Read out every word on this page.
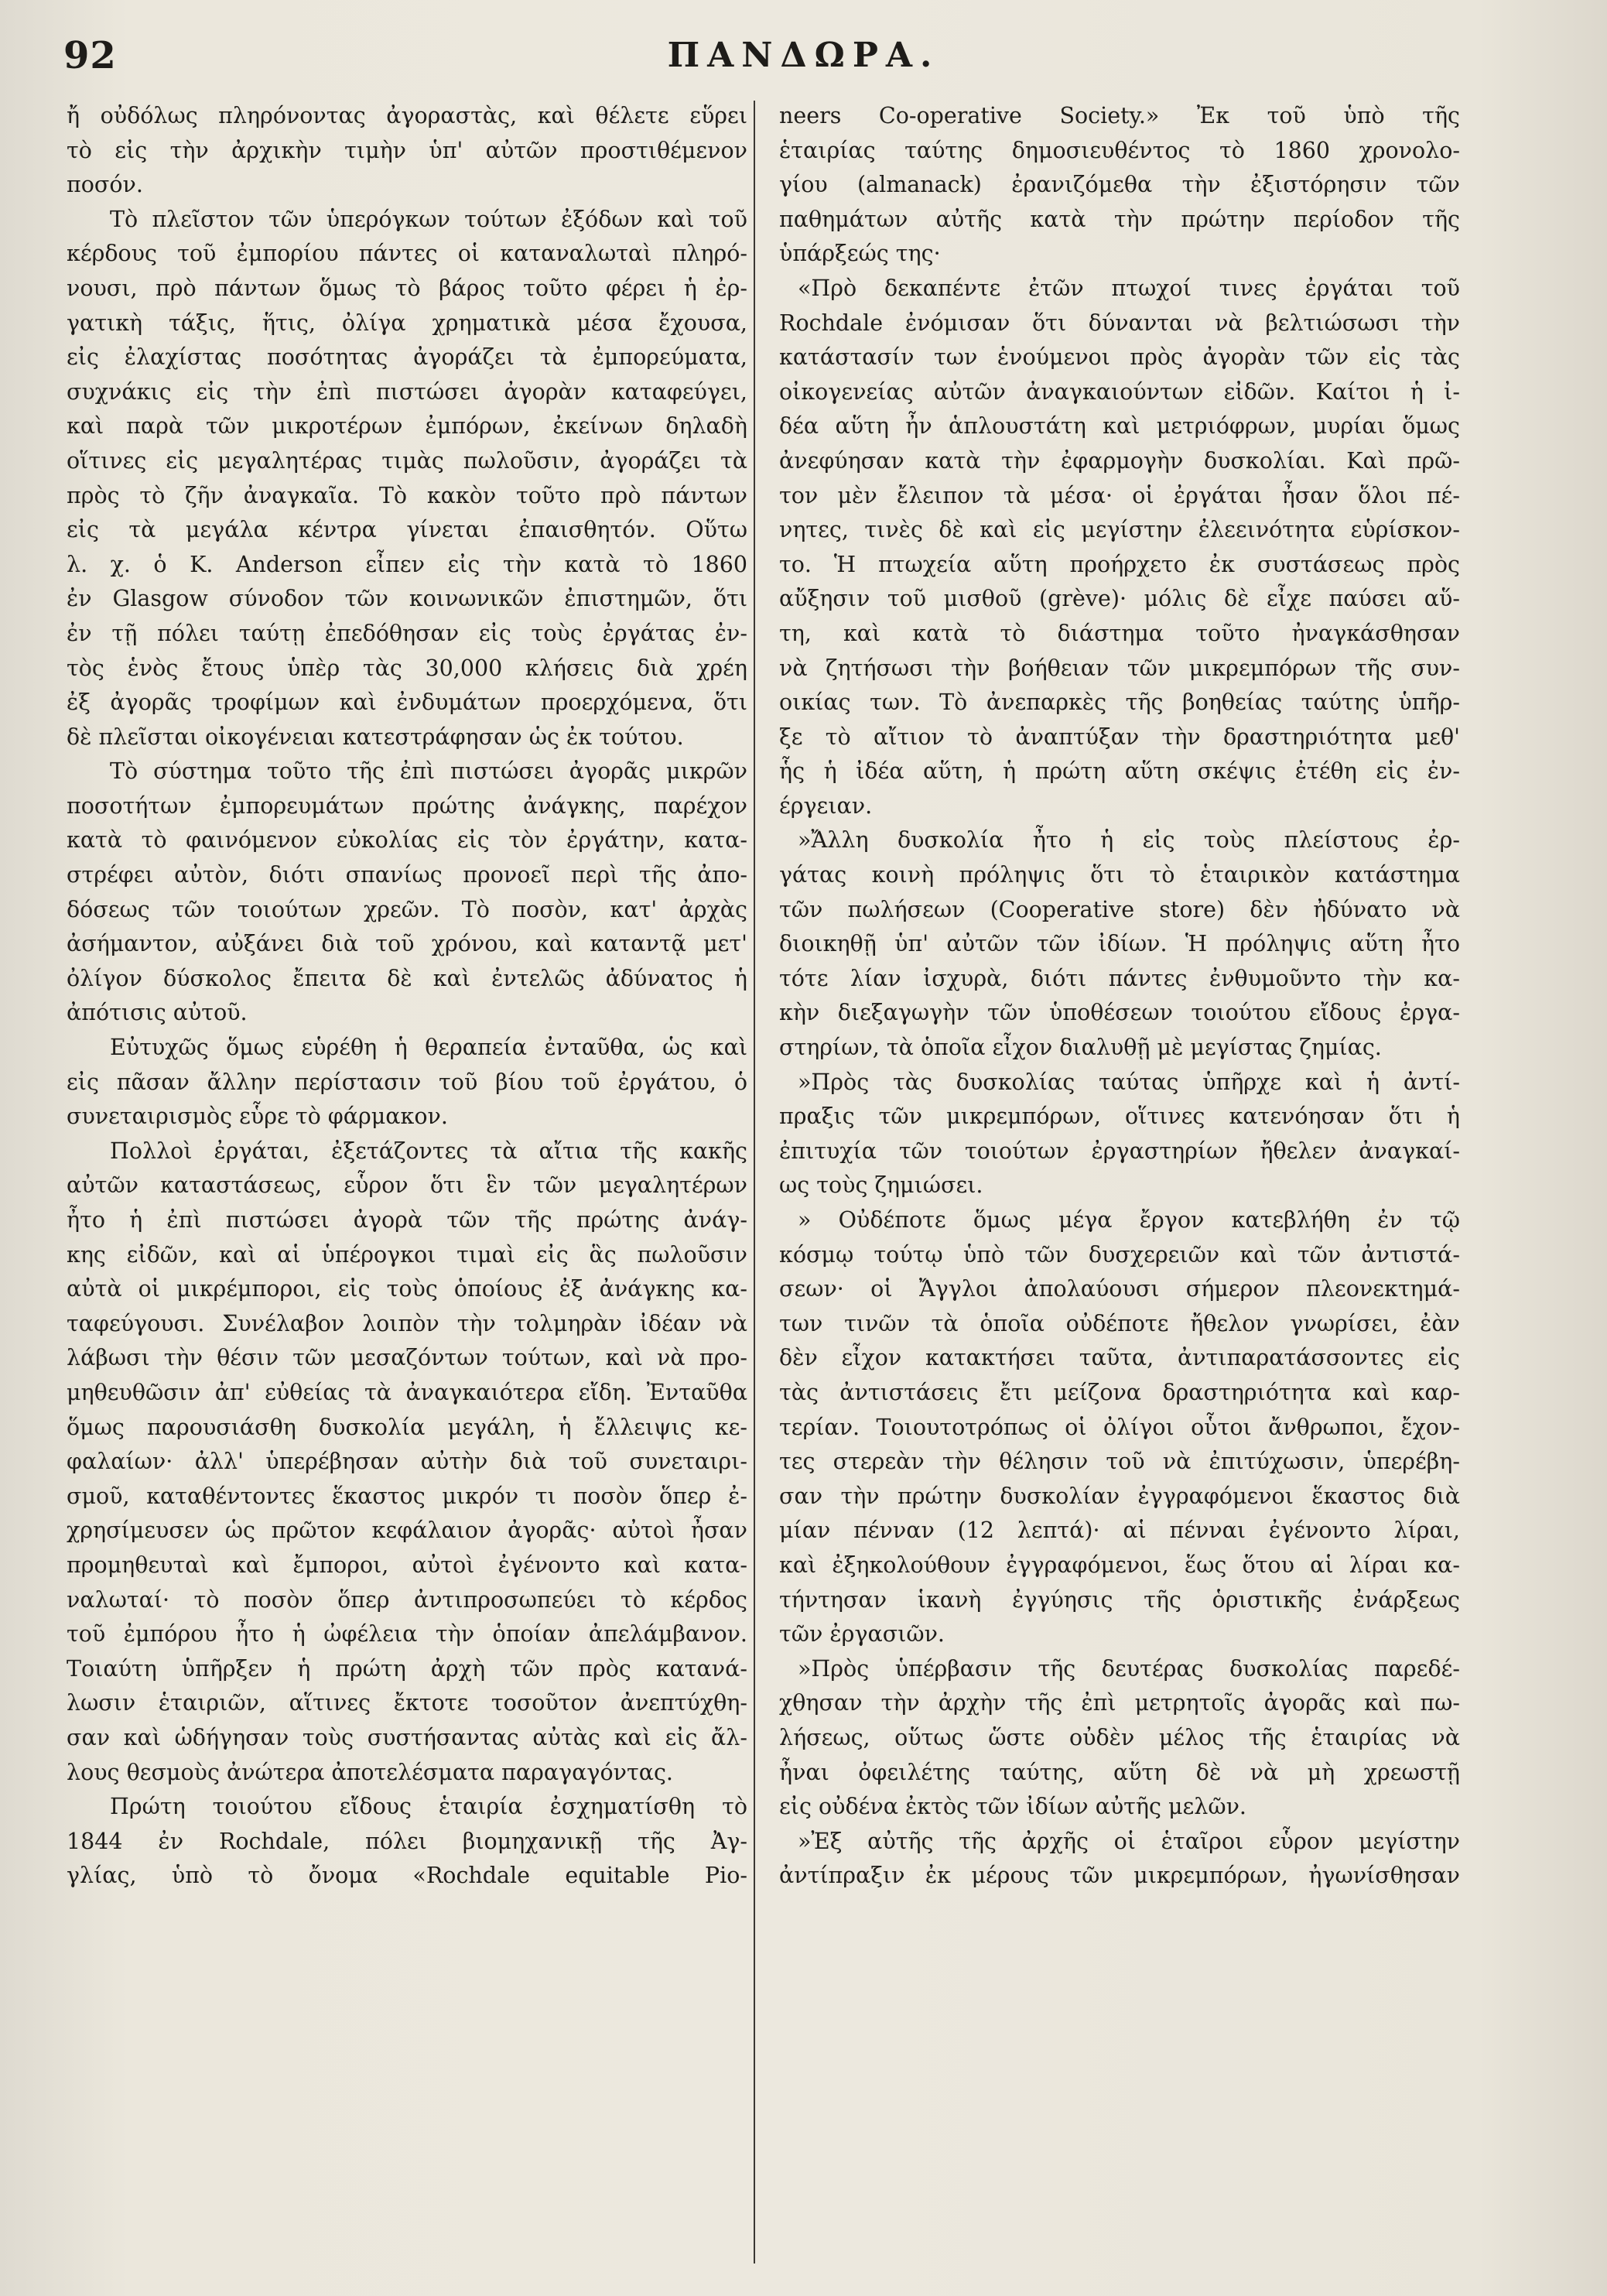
92	ΠΑΝΔΩΡΑ.
ἤ οὐδόλως πληρόνοντας ἀγοραστὰς, καὶ θέλετε εὕρει
τὸ εἰς τὴν ἀρχικὴν τιμὴν ὑπ' αὐτῶν προστιθέμενον
ποσόν.
Τὸ πλεῖστον τῶν ὑπερόγκων τούτων ἐξόδων καὶ τοῦ
κέρδους τοῦ ἐμπορίου πάντες οἱ καταναλωταὶ πληρό-
νουσι, πρὸ πάντων ὅμως τὸ βάρος τοῦτο φέρει ἡ ἐρ-
γατικὴ τάξις, ἥτις, ὀλίγα χρηματικὰ μέσα ἔχουσα,
εἰς ἐλαχίστας ποσότητας ἀγοράζει τὰ ἐμπορεύματα,
συχνάκις εἰς τὴν ἐπὶ πιστώσει ἀγορὰν καταφεύγει,
καὶ παρὰ τῶν μικροτέρων ἐμπόρων, ἐκείνων δηλαδὴ
οἵτινες εἰς μεγαλητέρας τιμὰς πωλοῦσιν, ἀγοράζει τὰ
πρὸς τὸ ζῆν ἀναγκαῖα. Τὸ κακὸν τοῦτο πρὸ πάντων
εἰς τὰ μεγάλα κέντρα γίνεται ἐπαισθητόν. Οὕτω
λ. χ. ὁ Κ. Anderson εἶπεν εἰς τὴν κατὰ τὸ 1860
ἐν Glasgow σύνοδον τῶν κοινωνικῶν ἐπιστημῶν, ὅτι
ἐν τῇ πόλει ταύτῃ ἐπεδόθησαν εἰς τοὺς ἐργάτας ἐν-
τὸς ἑνὸς ἔτους ὑπὲρ τὰς 30,000 κλήσεις διὰ χρέη
ἐξ ἀγορᾶς τροφίμων καὶ ἐνδυμάτων προερχόμενα, ὅτι
δὲ πλεῖσται οἰκογένειαι κατεστράφησαν ὡς ἐκ τούτου.
Τὸ σύστημα τοῦτο τῆς ἐπὶ πιστώσει ἀγορᾶς μικρῶν
ποσοτήτων ἐμπορευμάτων πρώτης ἀνάγκης, παρέχον
κατὰ τὸ φαινόμενον εὐκολίας εἰς τὸν ἐργάτην, κατα-
στρέφει αὐτὸν, διότι σπανίως προνοεῖ περὶ τῆς ἀπο-
δόσεως τῶν τοιούτων χρεῶν. Τὸ ποσὸν, κατ' ἀρχὰς
ἀσήμαντον, αὐξάνει διὰ τοῦ χρόνου, καὶ καταντᾷ μετ'
ὀλίγον δύσκολος ἔπειτα δὲ καὶ ἐντελῶς ἀδύνατος ἡ
ἀπότισις αὐτοῦ.
Εὐτυχῶς ὅμως εὑρέθη ἡ θεραπεία ἐνταῦθα, ὡς καὶ
εἰς πᾶσαν ἄλλην περίστασιν τοῦ βίου τοῦ ἐργάτου, ὁ
συνεταιρισμὸς εὗρε τὸ φάρμακον.
Πολλοὶ ἐργάται, ἐξετάζοντες τὰ αἴτια τῆς κακῆς
αὐτῶν καταστάσεως, εὗρον ὅτι ἓν τῶν μεγαλητέρων
ἦτο ἡ ἐπὶ πιστώσει ἀγορὰ τῶν τῆς πρώτης ἀνάγ-
κης εἰδῶν, καὶ αἱ ὑπέρογκοι τιμαὶ εἰς ἃς πωλοῦσιν
αὐτὰ οἱ μικρέμποροι, εἰς τοὺς ὁποίους ἐξ ἀνάγκης κα-
ταφεύγουσι. Συνέλαβον λοιπὸν τὴν τολμηρὰν ἰδέαν νὰ
λάβωσι τὴν θέσιν τῶν μεσαζόντων τούτων, καὶ νὰ προ-
μηθευθῶσιν ἀπ' εὐθείας τὰ ἀναγκαιότερα εἴδη. Ἐνταῦθα
ὅμως παρουσιάσθη δυσκολία μεγάλη, ἡ ἔλλειψις κε-
φαλαίων· ἀλλ' ὑπερέβησαν αὐτὴν διὰ τοῦ συνεταιρι-
σμοῦ, καταθέντοντες ἕκαστος μικρόν τι ποσὸν ὅπερ ἐ-
χρησίμευσεν ὡς πρῶτον κεφάλαιον ἀγορᾶς· αὐτοὶ ἦσαν
προμηθευταὶ καὶ ἔμποροι, αὐτοὶ ἐγένοντο καὶ κατα-
ναλωταί· τὸ ποσὸν ὅπερ ἀντιπροσωπεύει τὸ κέρδος
τοῦ ἐμπόρου ἦτο ἡ ὠφέλεια τὴν ὁποίαν ἀπελάμβανον.
Τοιαύτη ὑπῆρξεν ἡ πρώτη ἀρχὴ τῶν πρὸς κατανά-
λωσιν ἑταιριῶν, αἵτινες ἔκτοτε τοσοῦτον ἀνεπτύχθη-
σαν καὶ ὡδήγησαν τοὺς συστήσαντας αὐτὰς καὶ εἰς ἄλ-
λους θεσμοὺς ἀνώτερα ἀποτελέσματα παραγαγόντας.
Πρώτη τοιούτου εἴδους ἑταιρία ἐσχηματίσθη τὸ
1844 ἐν Rochdale, πόλει βιομηχανικῇ τῆς Ἀγ-
γλίας, ὑπὸ τὸ ὄνομα «Rochdale equitable Pio-
neers Co-operative Society.» Ἐκ τοῦ ὑπὸ τῆς
ἑταιρίας ταύτης δημοσιευθέντος τὸ 1860 χρονολο-
γίου (almanack) ἐρανιζόμεθα τὴν ἐξιστόρησιν τῶν
παθημάτων αὐτῆς κατὰ τὴν πρώτην περίοδον τῆς
ὑπάρξεώς της·
«Πρὸ δεκαπέντε ἐτῶν πτωχοί τινες ἐργάται τοῦ
Rochdale ἐνόμισαν ὅτι δύνανται νὰ βελτιώσωσι τὴν
κατάστασίν των ἑνούμενοι πρὸς ἀγορὰν τῶν εἰς τὰς
οἰκογενείας αὐτῶν ἀναγκαιούντων εἰδῶν. Καίτοι ἡ ἰ-
δέα αὕτη ἦν ἁπλουστάτη καὶ μετριόφρων, μυρίαι ὅμως
ἀνεφύησαν κατὰ τὴν ἐφαρμογὴν δυσκολίαι. Καὶ πρῶ-
τον μὲν ἔλειπον τὰ μέσα· οἱ ἐργάται ἦσαν ὅλοι πέ-
νητες, τινὲς δὲ καὶ εἰς μεγίστην ἐλεεινότητα εὑρίσκον-
το. Ἡ πτωχεία αὕτη προήρχετο ἐκ συστάσεως πρὸς
αὔξησιν τοῦ μισθοῦ (grève)· μόλις δὲ εἶχε παύσει αὕ-
τη, καὶ κατὰ τὸ διάστημα τοῦτο ἠναγκάσθησαν
νὰ ζητήσωσι τὴν βοήθειαν τῶν μικρεμπόρων τῆς συν-
οικίας των. Τὸ ἀνεπαρκὲς τῆς βοηθείας ταύτης ὑπῆρ-
ξε τὸ αἴτιον τὸ ἀναπτύξαν τὴν δραστηριότητα μεθ'
ἧς ἡ ἰδέα αὕτη, ἡ πρώτη αὕτη σκέψις ἐτέθη εἰς ἐν-
έργειαν.
»Ἄλλη δυσκολία ἦτο ἡ εἰς τοὺς πλείστους ἐρ-
γάτας κοινὴ πρόληψις ὅτι τὸ ἑταιρικὸν κατάστημα
τῶν πωλήσεων (Cooperative store) δὲν ἠδύνατο νὰ
διοικηθῇ ὑπ' αὐτῶν τῶν ἰδίων. Ἡ πρόληψις αὕτη ἦτο
τότε λίαν ἰσχυρὰ, διότι πάντες ἐνθυμοῦντο τὴν κα-
κὴν διεξαγωγὴν τῶν ὑποθέσεων τοιούτου εἴδους ἐργα-
στηρίων, τὰ ὁποῖα εἶχον διαλυθῇ μὲ μεγίστας ζημίας.
»Πρὸς τὰς δυσκολίας ταύτας ὑπῆρχε καὶ ἡ ἀντί-
πραξις τῶν μικρεμπόρων, οἵτινες κατενόησαν ὅτι ἡ
ἐπιτυχία τῶν τοιούτων ἐργαστηρίων ἤθελεν ἀναγκαί-
ως τοὺς ζημιώσει.
» Οὐδέποτε ὅμως μέγα ἔργον κατεβλήθη ἐν τῷ
κόσμῳ τούτῳ ὑπὸ τῶν δυσχερειῶν καὶ τῶν ἀντιστά-
σεων· οἱ Ἄγγλοι ἀπολαύουσι σήμερον πλεονεκτημά-
των τινῶν τὰ ὁποῖα οὐδέποτε ἤθελον γνωρίσει, ἐὰν
δὲν εἶχον κατακτήσει ταῦτα, ἀντιπαρατάσσοντες εἰς
τὰς ἀντιστάσεις ἔτι μείζονα δραστηριότητα καὶ καρ-
τερίαν. Τοιουτοτρόπως οἱ ὀλίγοι οὗτοι ἄνθρωποι, ἔχον-
τες στερεὰν τὴν θέλησιν τοῦ νὰ ἐπιτύχωσιν, ὑπερέβη-
σαν τὴν πρώτην δυσκολίαν ἐγγραφόμενοι ἕκαστος διὰ
μίαν πένναν (12 λεπτά)· αἱ πένναι ἐγένοντο λίραι,
καὶ ἐξηκολούθουν ἐγγραφόμενοι, ἕως ὅτου αἱ λίραι κα-
τήντησαν ἱκανὴ ἐγγύησις τῆς ὁριστικῆς ἐνάρξεως
τῶν ἐργασιῶν.
»Πρὸς ὑπέρβασιν τῆς δευτέρας δυσκολίας παρεδέ-
χθησαν τὴν ἀρχὴν τῆς ἐπὶ μετρητοῖς ἀγορᾶς καὶ πω-
λήσεως, οὕτως ὥστε οὐδὲν μέλος τῆς ἑταιρίας νὰ
ἦναι ὀφειλέτης ταύτης, αὕτη δὲ νὰ μὴ χρεωστῇ
εἰς οὐδένα ἐκτὸς τῶν ἰδίων αὐτῆς μελῶν.
»Ἐξ αὐτῆς τῆς ἀρχῆς οἱ ἑταῖροι εὗρον μεγίστην
ἀντίπραξιν ἐκ μέρους τῶν μικρεμπόρων, ἠγωνίσθησαν
